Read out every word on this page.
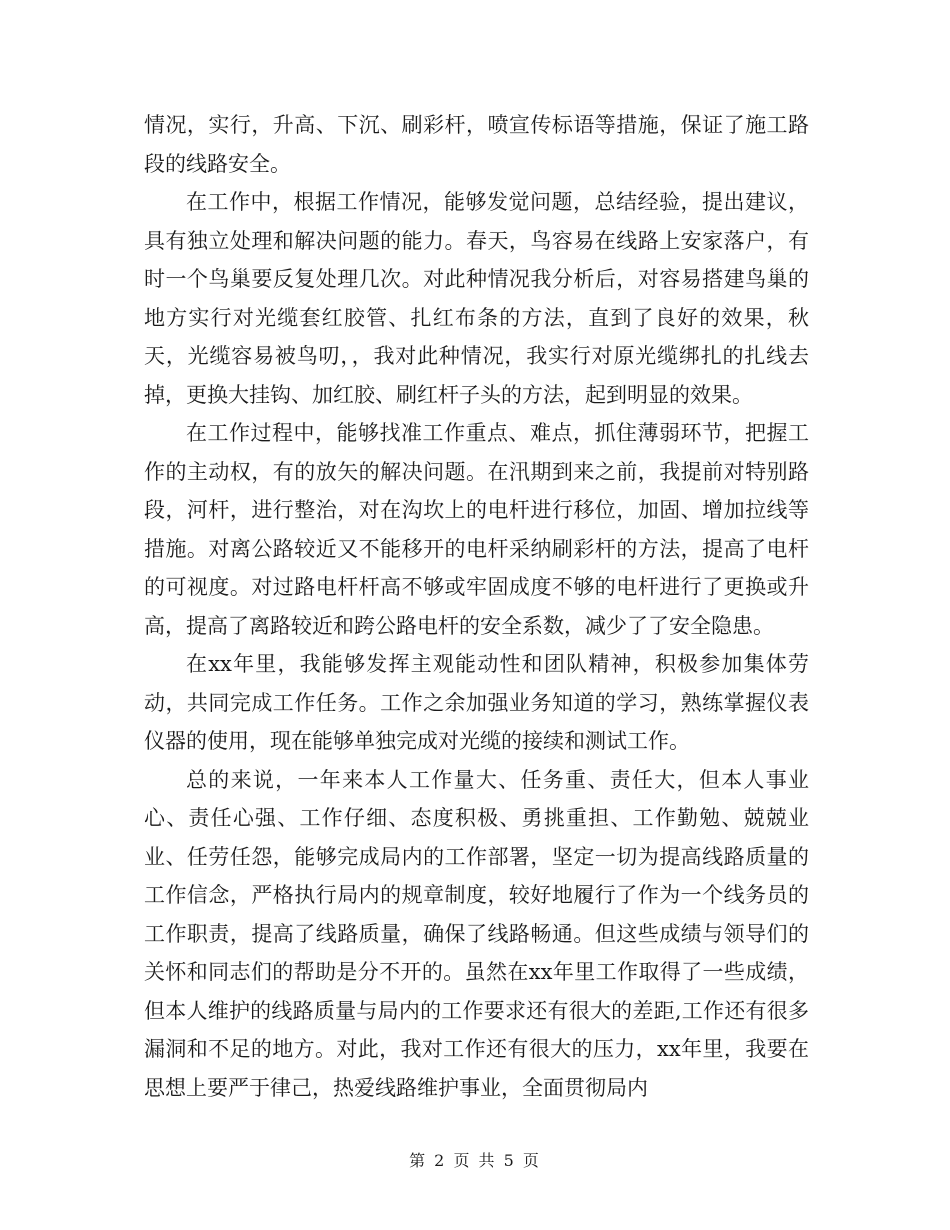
情况，实行，升高、下沉、刷彩杆，喷宣传标语等措施，保证了施工路段的线路安全。

在工作中，根据工作情况，能够发觉问题，总结经验，提出建议，具有独立处理和解决问题的能力。春天，鸟容易在线路上安家落户，有时一个鸟巢要反复处理几次。对此种情况我分析后，对容易搭建鸟巢的地方实行对光缆套红胶管、扎红布条的方法，直到了良好的效果，秋天，光缆容易被鸟叨，，我对此种情况，我实行对原光缆绑扎的扎线去掉，更换大挂钩、加红胶、刷红杆子头的方法，起到明显的效果。

在工作过程中，能够找准工作重点、难点，抓住薄弱环节，把握工作的主动权，有的放矢的解决问题。在汛期到来之前，我提前对特别路段，河杆，进行整治，对在沟坎上的电杆进行移位，加固、增加拉线等措施。对离公路较近又不能移开的电杆采纳刷彩杆的方法，提高了电杆的可视度。对过路电杆杆高不够或牢固成度不够的电杆进行了更换或升高，提高了离路较近和跨公路电杆的安全系数，减少了了安全隐患。

在xx年里，我能够发挥主观能动性和团队精神，积极参加集体劳动，共同完成工作任务。工作之余加强业务知道的学习，熟练掌握仪表仪器的使用，现在能够单独完成对光缆的接续和测试工作。

总的来说，一年来本人工作量大、任务重、责任大，但本人事业心、责任心强、工作仔细、态度积极、勇挑重担、工作勤勉、兢兢业业、任劳任怨，能够完成局内的工作部署，坚定一切为提高线路质量的工作信念，严格执行局内的规章制度，较好地履行了作为一个线务员的工作职责，提高了线路质量，确保了线路畅通。但这些成绩与领导们的关怀和同志们的帮助是分不开的。虽然在xx年里工作取得了一些成绩，但本人维护的线路质量与局内的工作要求还有很大的差距,工作还有很多漏洞和不足的地方。对此，我对工作还有很大的压力，xx年里，我要在思想上要严于律己，热爱线路维护事业，全面贯彻局内

第 2 页 共 5 页
